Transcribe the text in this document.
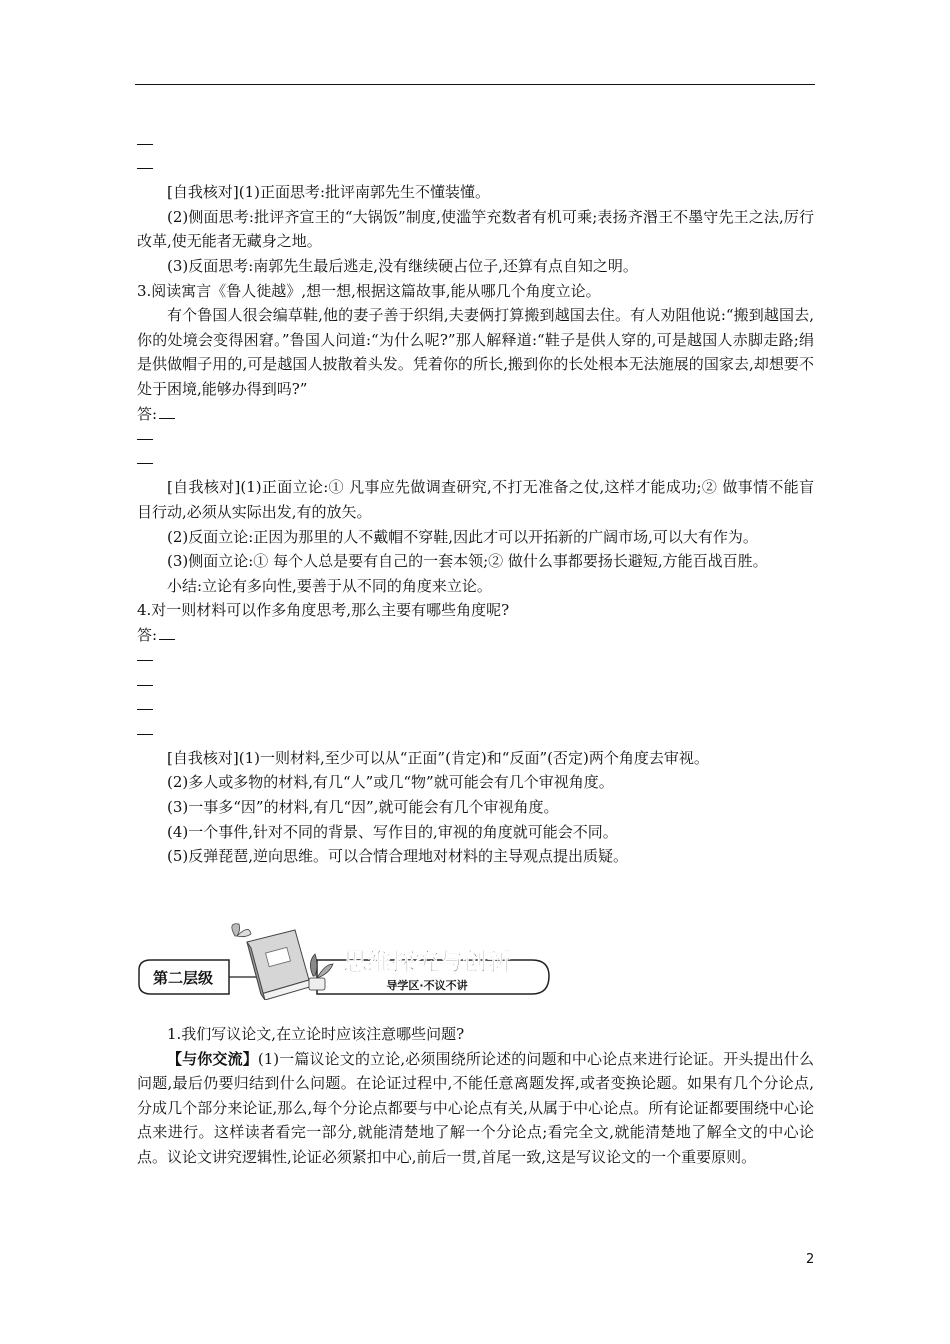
[自我核对](1)正面思考:批评南郭先生不懂装懂。

(2)侧面思考:批评齐宣王的“大锅饭”制度,使滥竽充数者有机可乘;表扬齐湣王不墨守先王之法,厉行改革,使无能者无藏身之地。

(3)反面思考:南郭先生最后逃走,没有继续硬占位子,还算有点自知之明。

3.阅读寓言《鲁人徙越》,想一想,根据这篇故事,能从哪几个角度立论。

有个鲁国人很会编草鞋,他的妻子善于织绢,夫妻俩打算搬到越国去住。有人劝阻他说:“搬到越国去,你的处境会变得困窘。”鲁国人问道:“为什么呢?”那人解释道:“鞋子是供人穿的,可是越国人赤脚走路;绢是供做帽子用的,可是越国人披散着头发。凭着你的所长,搬到你的长处根本无法施展的国家去,却想要不处于困境,能够办得到吗?”

答:

[自我核对](1)正面立论:① 凡事应先做调查研究,不打无准备之仗,这样才能成功;② 做事情不能盲目行动,必须从实际出发,有的放矢。

(2)反面立论:正因为那里的人不戴帽不穿鞋,因此才可以开拓新的广阔市场,可以大有作为。

(3)侧面立论:① 每个人总是要有自己的一套本领;② 做什么事都要扬长避短,方能百战百胜。

小结:立论有多向性,要善于从不同的角度来立论。

4.对一则材料可以作多角度思考,那么主要有哪些角度呢?

答:

[自我核对](1)一则材料,至少可以从“正面”(肯定)和“反面”(否定)两个角度去审视。

(2)多人或多物的材料,有几“人”或几“物”就可能会有几个审视角度。

(3)一事多“因”的材料,有几“因”,就可能会有几个审视角度。

(4)一个事件,针对不同的背景、写作目的,审视的角度就可能会不同。

(5)反弹琵琶,逆向思维。可以合情合理地对材料的主导观点提出质疑。

第二层级
思维探究与创新
导学区·不议不讲

1.我们写议论文,在立论时应该注意哪些问题?

【与你交流】(1)一篇议论文的立论,必须围绕所论述的问题和中心论点来进行论证。开头提出什么问题,最后仍要归结到什么问题。在论证过程中,不能任意离题发挥,或者变换论题。如果有几个分论点,分成几个部分来论证,那么,每个分论点都要与中心论点有关,从属于中心论点。所有论证都要围绕中心论点来进行。这样读者看完一部分,就能清楚地了解一个分论点;看完全文,就能清楚地了解全文的中心论点。议论文讲究逻辑性,论证必须紧扣中心,前后一贯,首尾一致,这是写议论文的一个重要原则。

2
